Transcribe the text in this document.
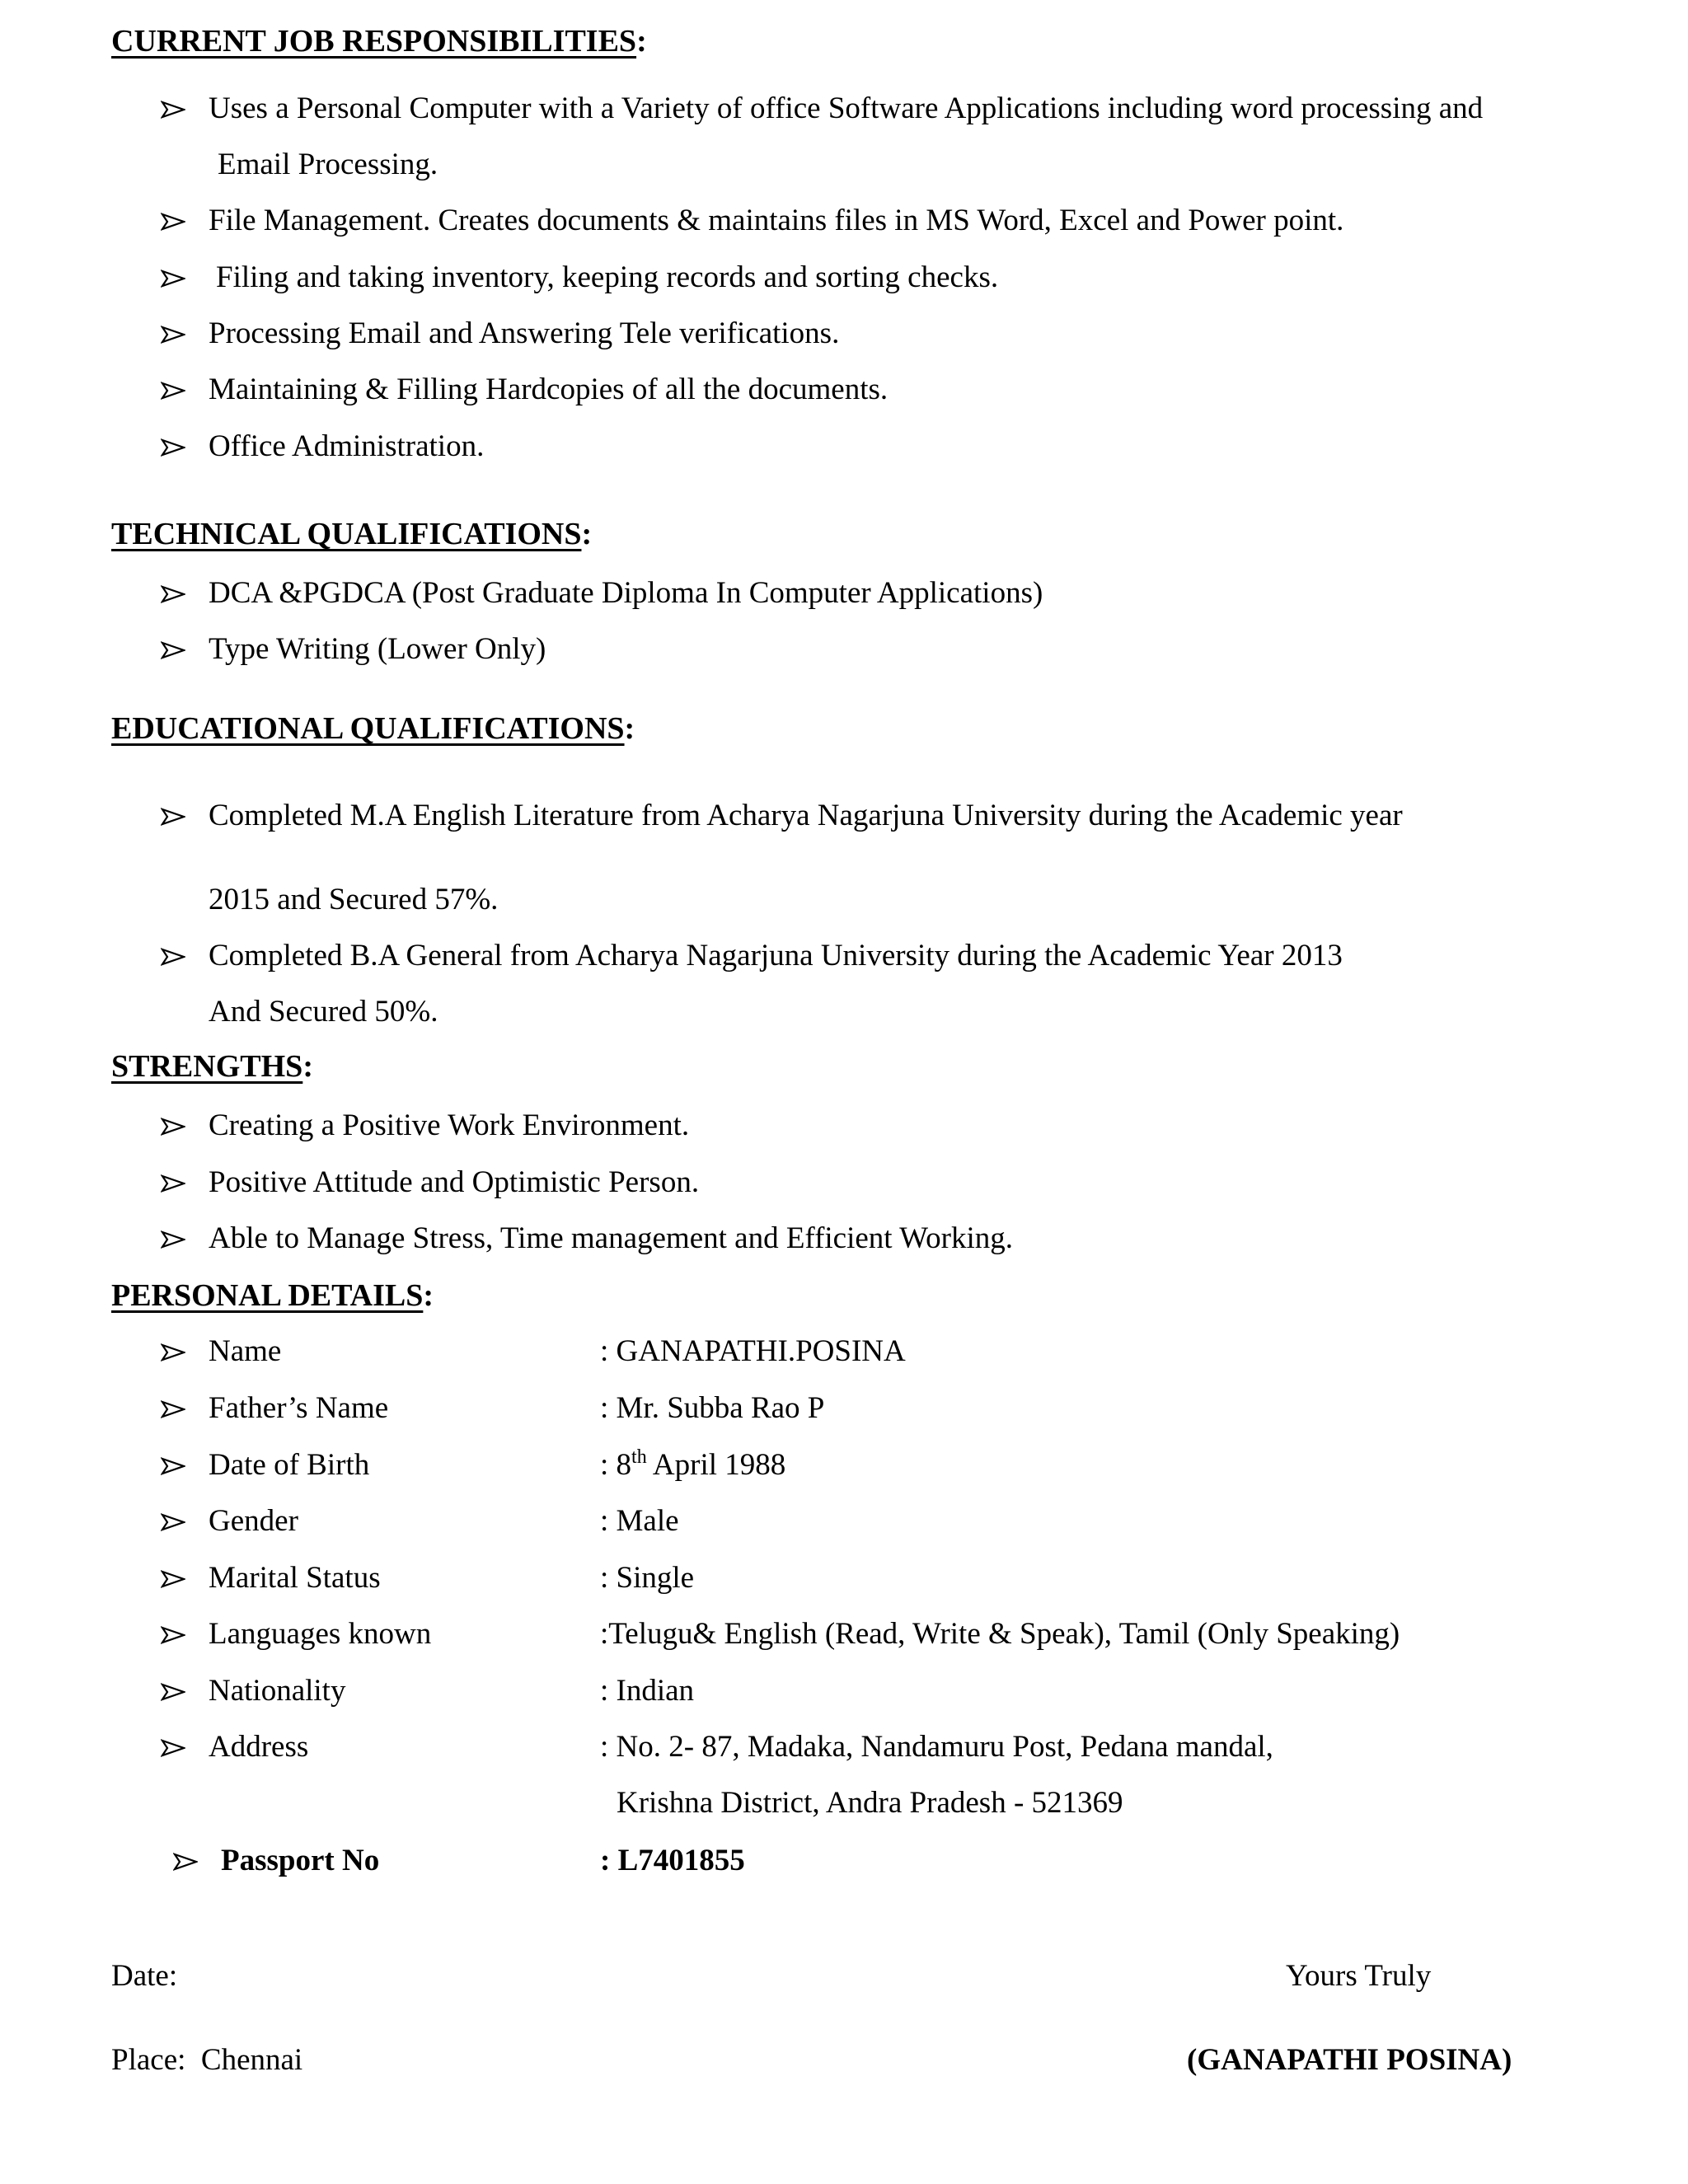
CURRENT JOB RESPONSIBILITIES:
Uses a Personal Computer with a Variety of office Software Applications including word processing and
Email Processing.
File Management. Creates documents & maintains files in MS Word, Excel and Power point.
Filing and taking inventory, keeping records and sorting checks.
Processing Email and Answering Tele verifications.
Maintaining & Filling Hardcopies of all the documents.
Office Administration.
TECHNICAL QUALIFICATIONS:
DCA &PGDCA (Post Graduate Diploma In Computer Applications)
Type Writing (Lower Only)
EDUCATIONAL QUALIFICATIONS:
Completed M.A English Literature from Acharya Nagarjuna University during the Academic year
2015 and Secured 57%.
Completed B.A General from Acharya Nagarjuna University during the Academic Year 2013
And Secured 50%.
STRENGTHS:
Creating a Positive Work Environment.
Positive Attitude and Optimistic Person.
Able to Manage Stress, Time management and Efficient Working.
PERSONAL DETAILS:
Name	: GANAPATHI.POSINA
Father’s Name	: Mr. Subba Rao P
Date of Birth	: 8th April 1988
Gender	: Male
Marital Status	: Single
Languages known	:Telugu& English (Read, Write & Speak), Tamil (Only Speaking)
Nationality	: Indian
Address	: No. 2- 87, Madaka, Nandamuru Post, Pedana mandal,
Krishna District, Andra Pradesh - 521369
Passport No	: L7401855
Date:	Yours Truly
Place: Chennai	(GANAPATHI POSINA)
